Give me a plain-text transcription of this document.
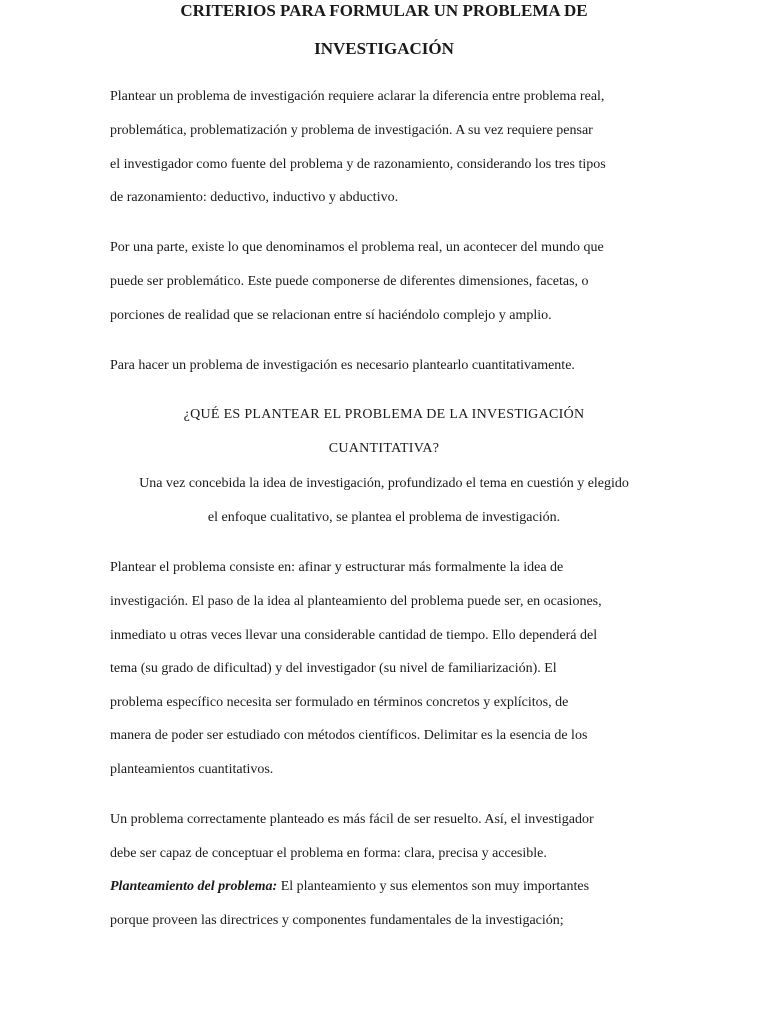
CRITERIOS PARA FORMULAR UN PROBLEMA DE

INVESTIGACIÓN

Plantear un problema de investigación requiere aclarar la diferencia entre problema real,

problemática, problematización y problema de investigación. A su vez requiere pensar

el investigador como fuente del problema y de razonamiento, considerando los tres tipos

de razonamiento: deductivo, inductivo y abductivo.

Por una parte, existe lo que denominamos el problema real, un acontecer del mundo que

puede ser problemático. Este puede componerse de diferentes dimensiones, facetas, o

porciones de realidad que se relacionan entre sí haciéndolo complejo y amplio.

Para hacer un problema de investigación es necesario plantearlo cuantitativamente.

¿QUÉ ES PLANTEAR EL PROBLEMA DE LA INVESTIGACIÓN

CUANTITATIVA?

Una vez concebida la idea de investigación, profundizado el tema en cuestión y elegido

el enfoque cualitativo, se plantea el problema de investigación.

Plantear el problema consiste en: afinar y estructurar más formalmente la idea de

investigación. El paso de la idea al planteamiento del problema puede ser, en ocasiones,

inmediato u otras veces llevar una considerable cantidad de tiempo. Ello dependerá del

tema (su grado de dificultad) y del investigador (su nivel de familiarización). El

problema específico necesita ser formulado en términos concretos y explícitos, de

manera de poder ser estudiado con métodos científicos. Delimitar es la esencia de los

planteamientos cuantitativos.

Un problema correctamente planteado es más fácil de ser resuelto. Así, el investigador

debe ser capaz de conceptuar el problema en forma: clara, precisa y accesible.

Planteamiento del problema: El planteamiento y sus elementos son muy importantes

porque proveen las directrices y componentes fundamentales de la investigación;
